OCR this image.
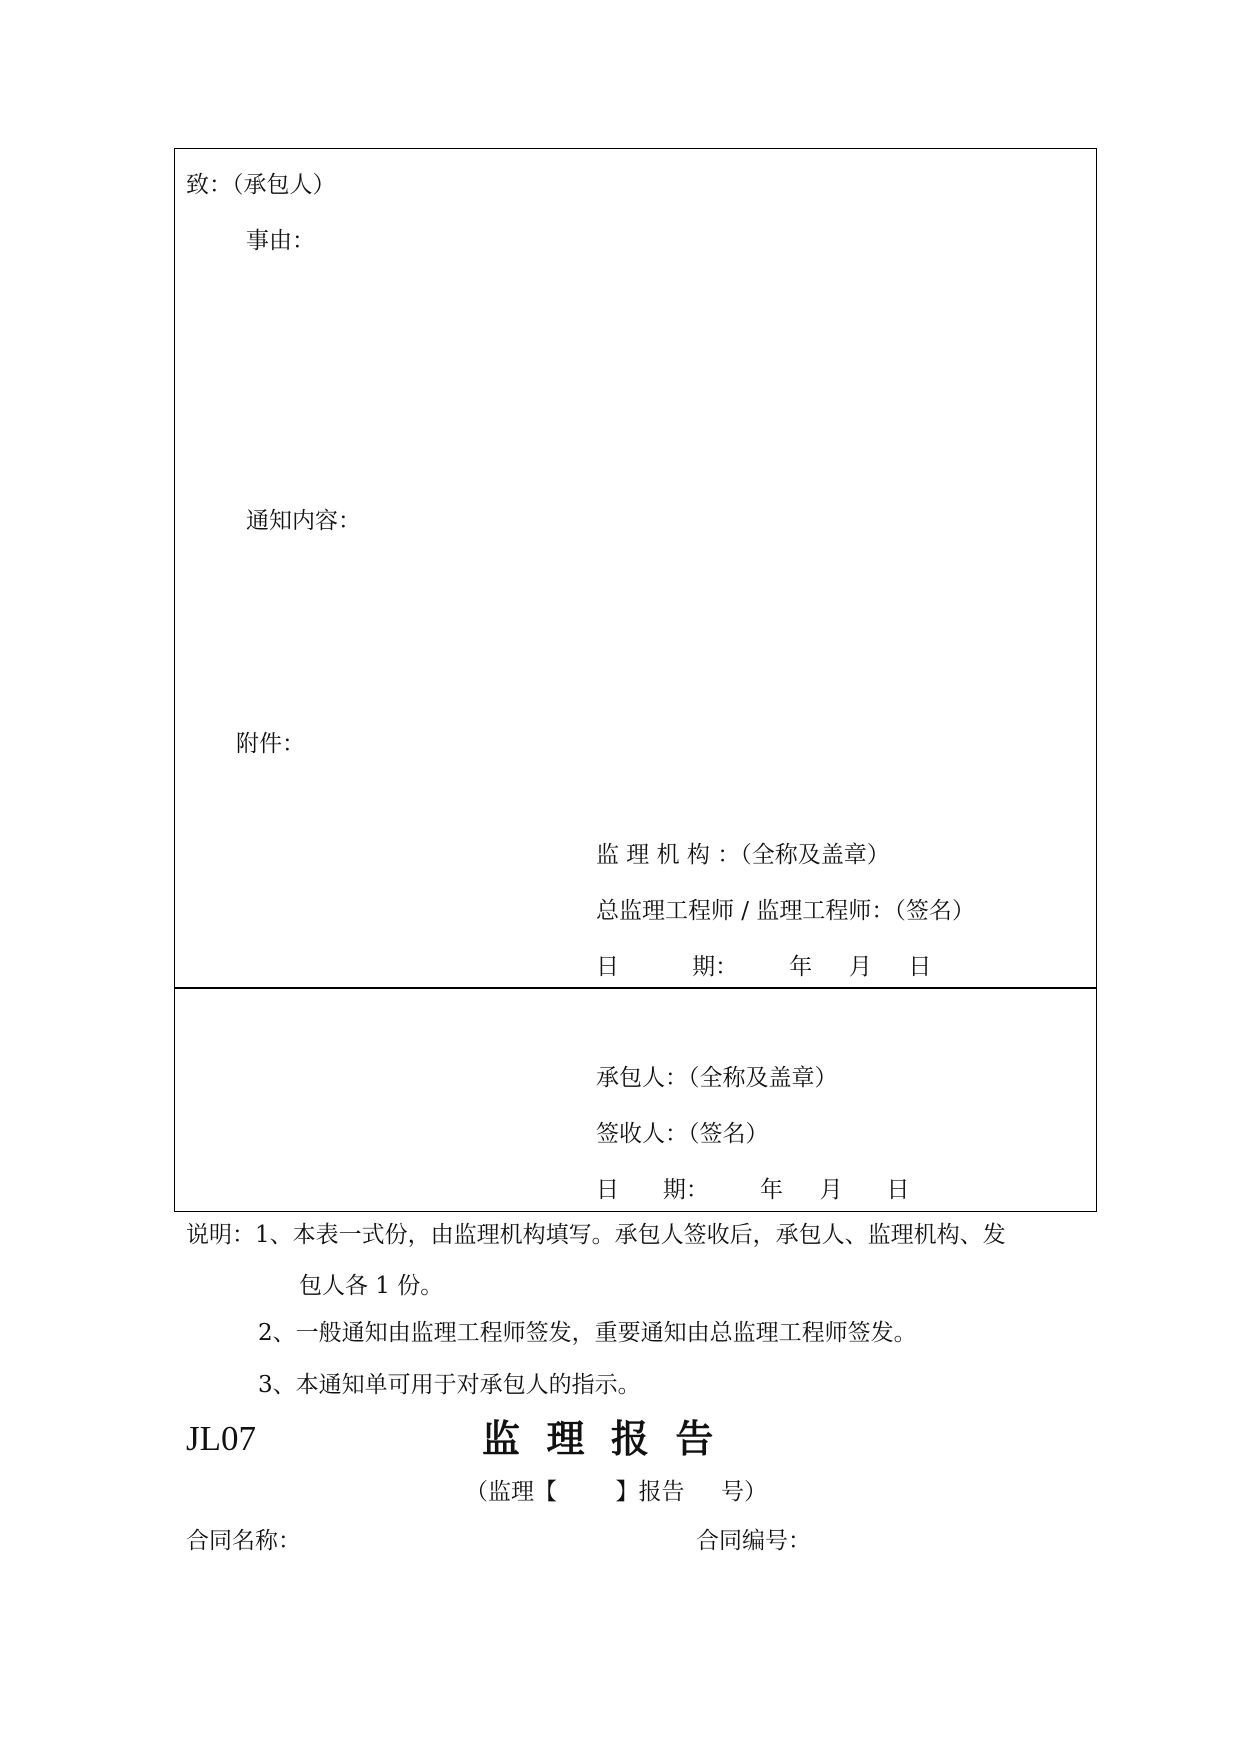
致：（承包人）
事由：
通知内容：
附件：
监 理 机 构 ：（全称及盖章）
总监理工程师 / 监理工程师：（签名）
日          期：       年     月     日
承包人：（全称及盖章）
签收人：（签名）
日      期：       年     月      日
说明：1、本表一式份，由监理机构填写。承包人签收后，承包人、监理机构、发
包人各 1 份。
2、一般通知由监理工程师签发，重要通知由总监理工程师签发。
3、本通知单可用于对承包人的指示。
JL07	监  理  报  告
（监理【        】报告     号）
合同名称：	合同编号：
